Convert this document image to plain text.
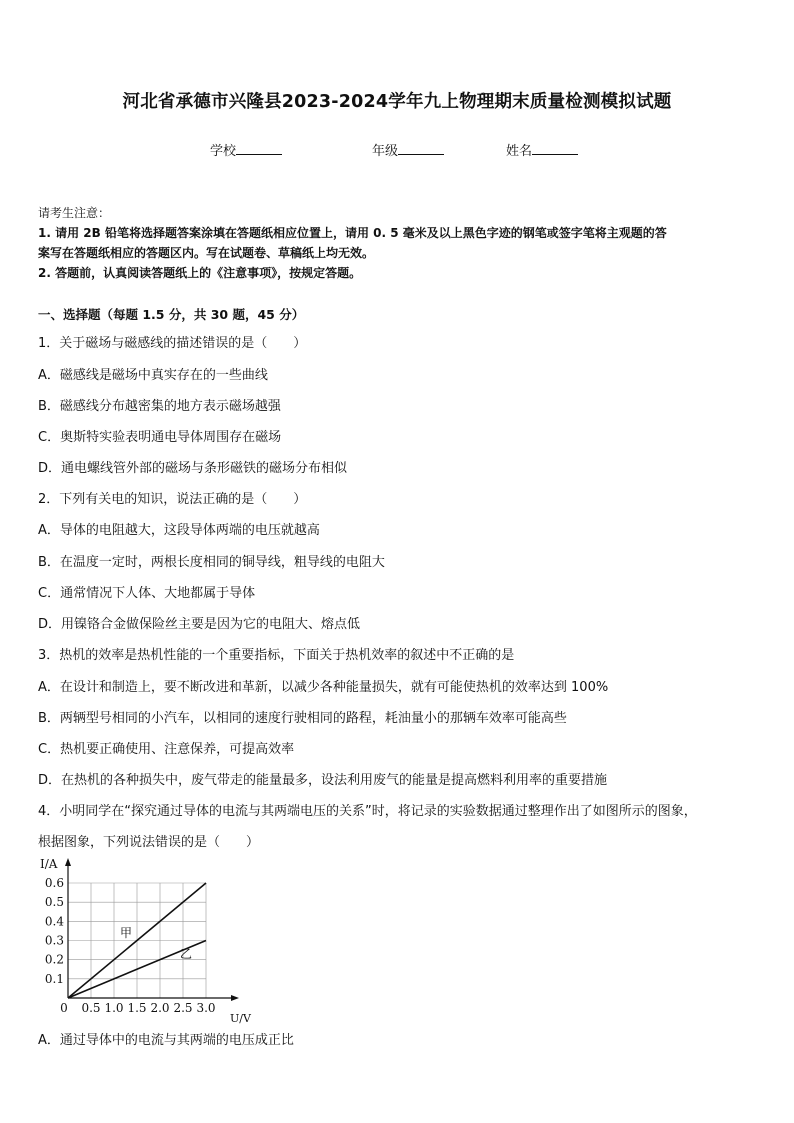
河北省承德市兴隆县2023-2024学年九上物理期末质量检测模拟试题
学校	年级	姓名
请考生注意：
1. 请用 2B 铅笔将选择题答案涂填在答题纸相应位置上，请用 0. 5 毫米及以上黑色字迹的钢笔或签字笔将主观题的答
案写在答题纸相应的答题区内。写在试题卷、草稿纸上均无效。
2. 答题前，认真阅读答题纸上的《注意事项》，按规定答题。
一、选择题（每题 1.5 分，共 30 题，45 分）
1．关于磁场与磁感线的描述错误的是（　　）
A．磁感线是磁场中真实存在的一些曲线
B．磁感线分布越密集的地方表示磁场越强
C．奥斯特实验表明通电导体周围存在磁场
D．通电螺线管外部的磁场与条形磁铁的磁场分布相似
2．下列有关电的知识，说法正确的是（　　）
A．导体的电阻越大，这段导体两端的电压就越高
B．在温度一定时，两根长度相同的铜导线，粗导线的电阻大
C．通常情况下人体、大地都属于导体
D．用镍铬合金做保险丝主要是因为它的电阻大、熔点低
3．热机的效率是热机性能的一个重要指标，下面关于热机效率的叙述中不正确的是
A．在设计和制造上，要不断改进和革新，以减少各种能量损失，就有可能使热机的效率达到 100%
B．两辆型号相同的小汽车，以相同的速度行驶相同的路程，耗油量小的那辆车效率可能高些
C．热机要正确使用、注意保养，可提高效率
D．在热机的各种损失中，废气带走的能量最多，设法利用废气的能量是提高燃料利用率的重要措施
4．小明同学在“探究通过导体的电流与其两端电压的关系”时，将记录的实验数据通过整理作出了如图所示的图象，
根据图象，下列说法错误的是（　　）
0.1
0.2
0.3
0.4
0.5
0.6
0.5 1.0 1.5 2.0 2.5 3.0
0
I/A
U/V
甲
乙
A．通过导体中的电流与其两端的电压成正比
